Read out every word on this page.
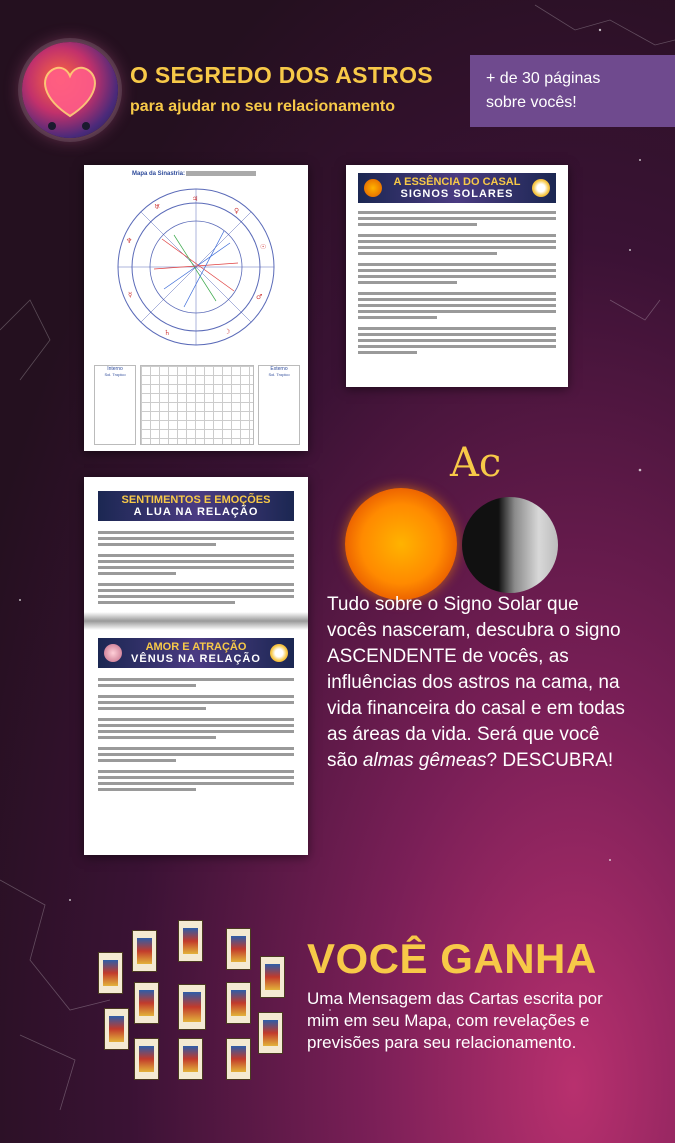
O SEGREDO DOS ASTROS
para ajudar no seu relacionamento
+ de 30 páginas
sobre vocês!
Mapa da Sinastria:
♃
♀
☉
♂
☽
♄
☿
♆
♅
Interno
Sol. Tropico
Externo
Sol. Tropico
A ESSÊNCIA DO CASAL
SIGNOS SOLARES
SENTIMENTOS E EMOÇÕES
A LUA NA RELAÇÃO
AMOR E ATRAÇÃO
VÊNUS NA RELAÇÃO
Ac
Tudo sobre o Signo Solar que vocês nasceram, descubra o signo ASCENDENTE de vocês, as influências dos astros na cama, na vida financeira do casal e em todas as áreas da vida. Será que você são almas gêmeas? DESCUBRA!
VOCÊ GANHA
Uma Mensagem das Cartas escrita por mim em seu Mapa, com revelações e previsões para seu relacionamento.
